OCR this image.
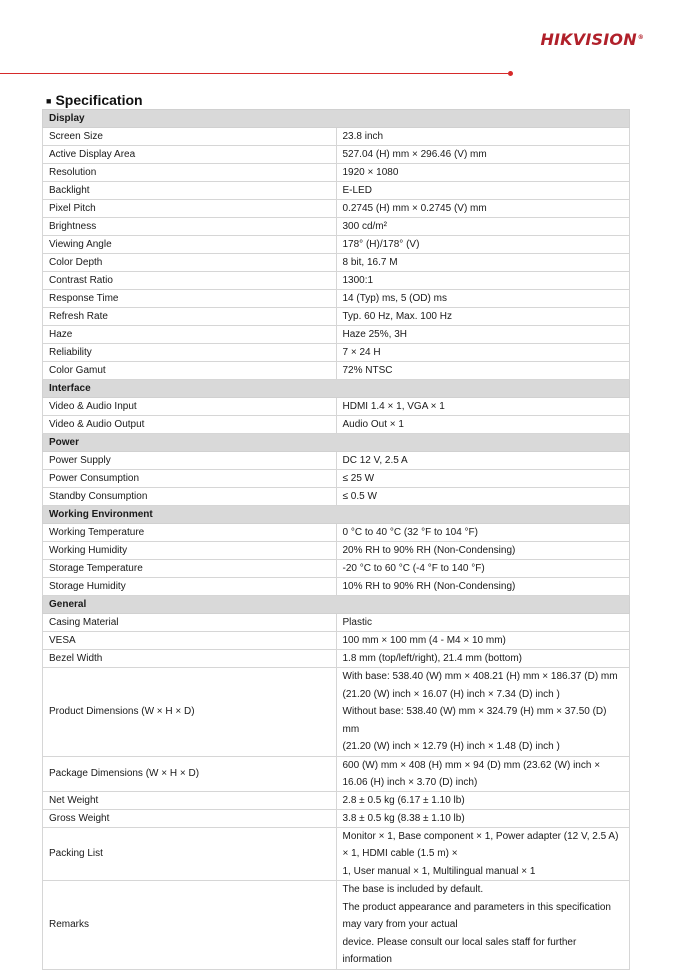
HIKVISION®
■ Specification
Display	
Screen Size	23.8 inch
Active Display Area	527.04 (H) mm × 296.46 (V) mm
Resolution	1920 × 1080
Backlight	E-LED
Pixel Pitch	0.2745 (H) mm × 0.2745 (V) mm
Brightness	300 cd/m²
Viewing Angle	178° (H)/178° (V)
Color Depth	8 bit, 16.7 M
Contrast Ratio	1300:1
Response Time	14 (Typ) ms, 5 (OD) ms
Refresh Rate	Typ. 60 Hz, Max. 100 Hz
Haze	Haze 25%, 3H
Reliability	7 × 24 H
Color Gamut	72% NTSC
Interface	
Video & Audio Input	HDMI 1.4 × 1, VGA × 1
Video & Audio Output	Audio Out × 1
Power	
Power Supply	DC 12 V, 2.5 A
Power Consumption	≤ 25 W
Standby Consumption	≤ 0.5 W
Working Environment	
Working Temperature	0 °C to 40 °C (32 °F to 104 °F)
Working Humidity	20% RH to 90% RH (Non-Condensing)
Storage Temperature	-20 °C to 60 °C (-4 °F to 140 °F)
Storage Humidity	10% RH to 90% RH (Non-Condensing)
General	
Casing Material	Plastic
VESA	100 mm × 100 mm (4 - M4 × 10 mm)
Bezel Width	1.8 mm (top/left/right), 21.4 mm (bottom)
Product Dimensions (W × H × D)	With base: 538.40 (W) mm × 408.21 (H) mm × 186.37 (D) mm
(21.20 (W) inch × 16.07 (H) inch × 7.34 (D) inch )
Without base: 538.40 (W) mm × 324.79 (H) mm × 37.50 (D) mm
(21.20 (W) inch × 12.79 (H) inch × 1.48 (D) inch )

Package Dimensions (W × H × D)	600 (W) mm × 408 (H) mm × 94 (D) mm (23.62 (W) inch × 16.06 (H) inch × 3.70 (D) inch)
Net Weight	2.8 ± 0.5 kg (6.17 ± 1.10 lb)
Gross Weight	3.8 ± 0.5 kg (8.38 ± 1.10 lb)
Packing List	Monitor × 1, Base component × 1, Power adapter (12 V, 2.5 A) × 1, HDMI cable (1.5 m) ×
1, User manual × 1, Multilingual manual × 1

Remarks	The base is included by default.
The product appearance and parameters in this specification may vary from your actual
device. Please consult our local sales staff for further information
